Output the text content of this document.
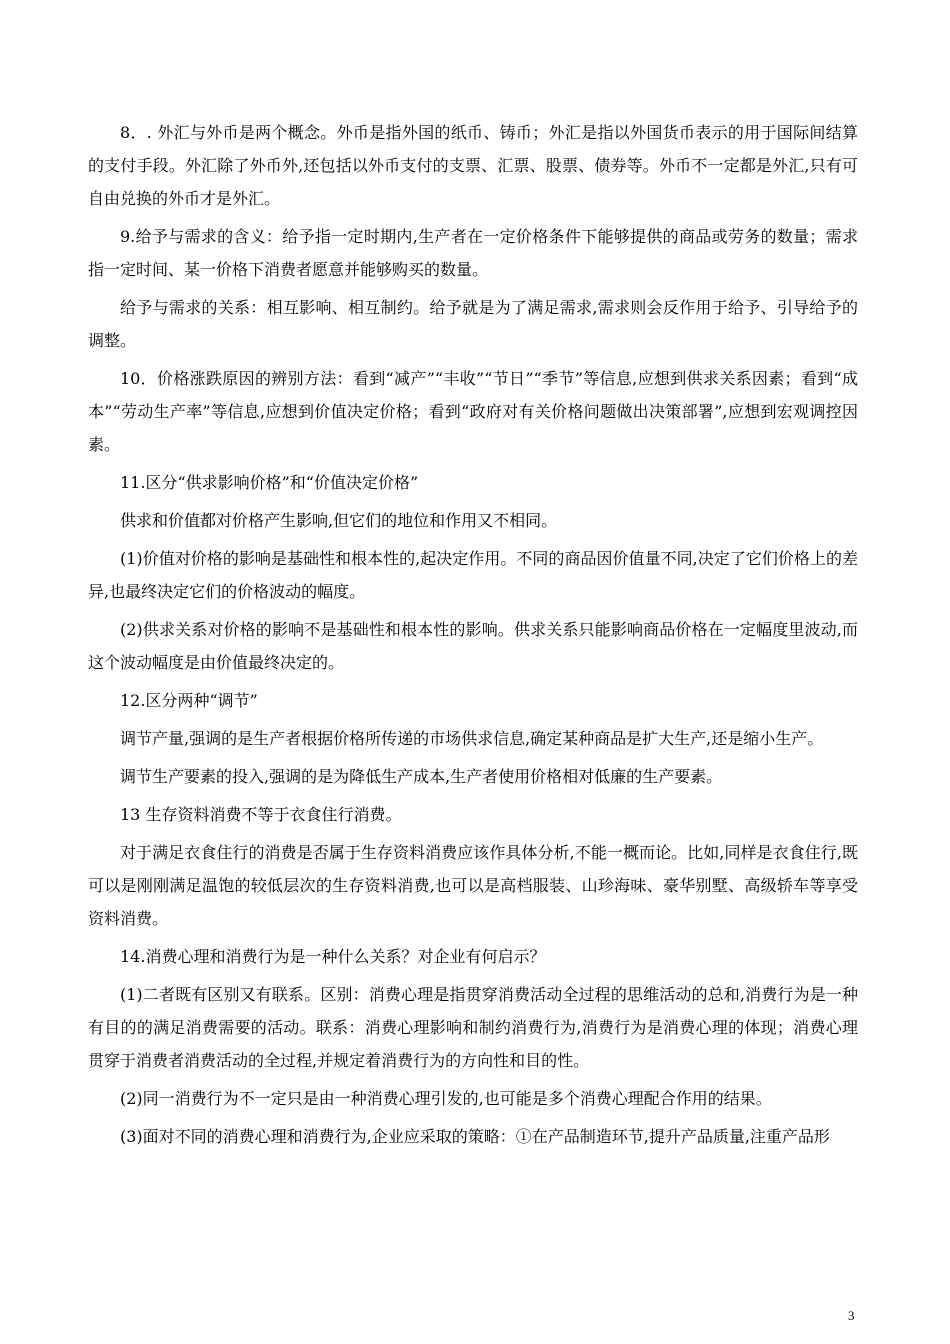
8．. 外汇与外币是两个概念。外币是指外国的纸币、铸币；外汇是指以外国货币表示的用于国际间结算的支付手段。外汇除了外币外,还包括以外币支付的支票、汇票、股票、债券等。外币不一定都是外汇,只有可自由兑换的外币才是外汇。

9.给予与需求的含义：给予指一定时期内,生产者在一定价格条件下能够提供的商品或劳务的数量；需求指一定时间、某一价格下消费者愿意并能够购买的数量。

给予与需求的关系：相互影响、相互制约。给予就是为了满足需求,需求则会反作用于给予、引导给予的调整。

10．价格涨跌原因的辨别方法：看到“减产”“丰收”“节日”“季节”等信息,应想到供求关系因素；看到“成本”“劳动生产率”等信息,应想到价值决定价格；看到“政府对有关价格问题做出决策部署”,应想到宏观调控因素。

11.区分“供求影响价格”和“价值决定价格”

供求和价值都对价格产生影响,但它们的地位和作用又不相同。

(1)价值对价格的影响是基础性和根本性的,起决定作用。不同的商品因价值量不同,决定了它们价格上的差异,也最终决定它们的价格波动的幅度。

(2)供求关系对价格的影响不是基础性和根本性的影响。供求关系只能影响商品价格在一定幅度里波动,而这个波动幅度是由价值最终决定的。

12.区分两种“调节”

调节产量,强调的是生产者根据价格所传递的市场供求信息,确定某种商品是扩大生产,还是缩小生产。

调节生产要素的投入,强调的是为降低生产成本,生产者使用价格相对低廉的生产要素。

13 生存资料消费不等于衣食住行消费。

对于满足衣食住行的消费是否属于生存资料消费应该作具体分析,不能一概而论。比如,同样是衣食住行,既可以是刚刚满足温饱的较低层次的生存资料消费,也可以是高档服装、山珍海味、豪华别墅、高级轿车等享受资料消费。

14.消费心理和消费行为是一种什么关系？对企业有何启示？

(1)二者既有区别又有联系。区别：消费心理是指贯穿消费活动全过程的思维活动的总和,消费行为是一种有目的的满足消费需要的活动。联系：消费心理影响和制约消费行为,消费行为是消费心理的体现；消费心理贯穿于消费者消费活动的全过程,并规定着消费行为的方向性和目的性。

(2)同一消费行为不一定只是由一种消费心理引发的,也可能是多个消费心理配合作用的结果。

(3)面对不同的消费心理和消费行为,企业应采取的策略：①在产品制造环节,提升产品质量,注重产品形

3
